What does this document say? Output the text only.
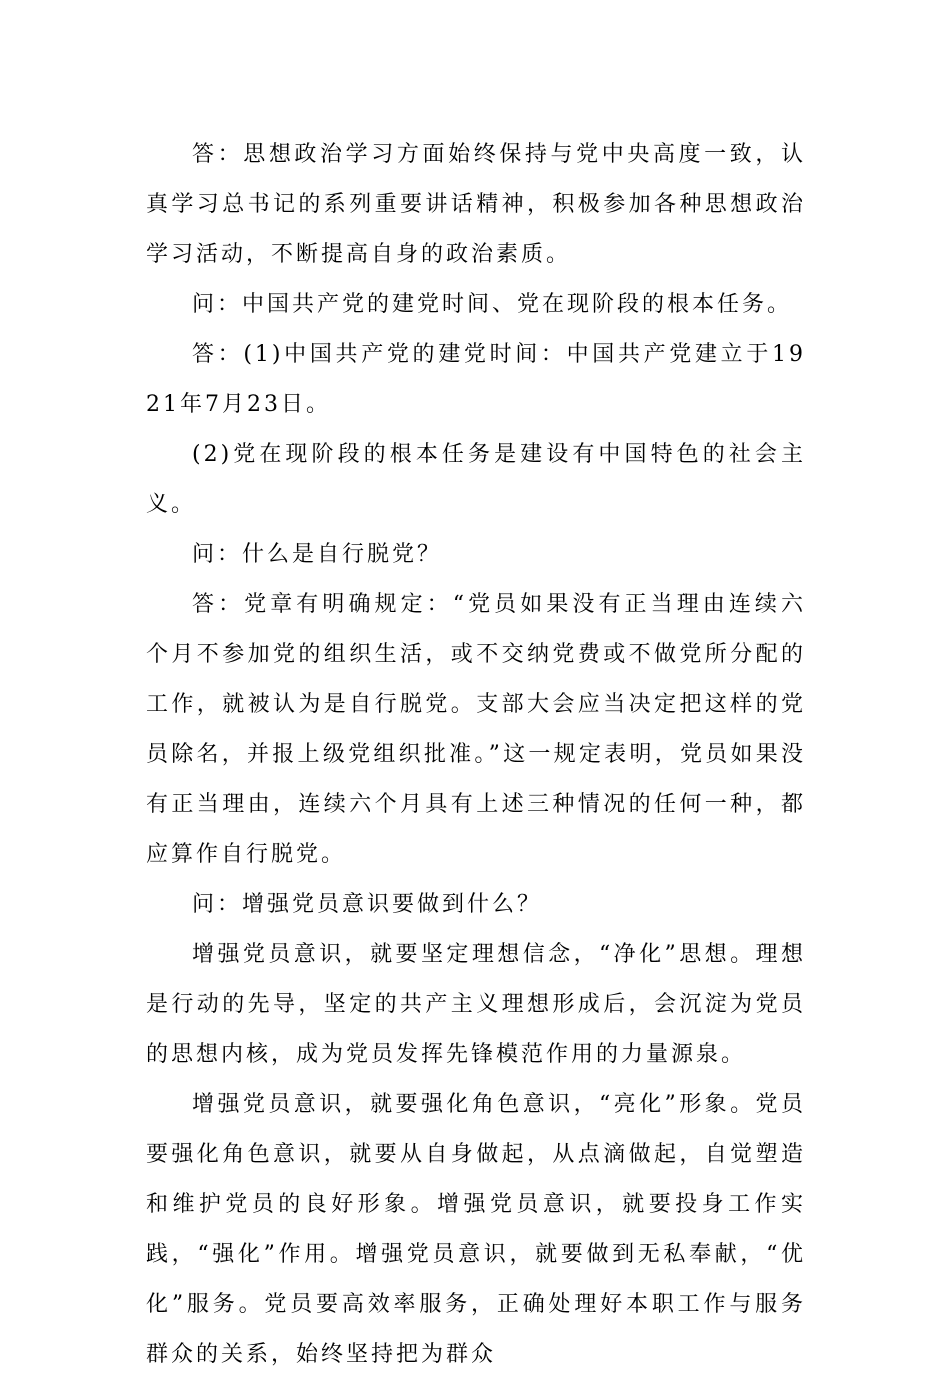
答：思想政治学习方面始终保持与党中央高度一致，认真学习总书记的系列重要讲话精神，积极参加各种思想政治学习活动，不断提高自身的政治素质。

问：中国共产党的建党时间、党在现阶段的根本任务。

答：(1)中国共产党的建党时间：中国共产党建立于1921年7月23日。

(2)党在现阶段的根本任务是建设有中国特色的社会主义。

问：什么是自行脱党？

答：党章有明确规定：“党员如果没有正当理由连续六个月不参加党的组织生活，或不交纳党费或不做党所分配的工作，就被认为是自行脱党。支部大会应当决定把这样的党员除名，并报上级党组织批准。”这一规定表明，党员如果没有正当理由，连续六个月具有上述三种情况的任何一种，都应算作自行脱党。

问：增强党员意识要做到什么？

增强党员意识，就要坚定理想信念，“净化”思想。理想是行动的先导，坚定的共产主义理想形成后，会沉淀为党员的思想内核，成为党员发挥先锋模范作用的力量源泉。

增强党员意识，就要强化角色意识，“亮化”形象。党员要强化角色意识，就要从自身做起，从点滴做起，自觉塑造和维护党员的良好形象。增强党员意识，就要投身工作实践，“强化”作用。增强党员意识，就要做到无私奉献，“优化”服务。党员要高效率服务，正确处理好本职工作与服务群众的关系，始终坚持把为群众
